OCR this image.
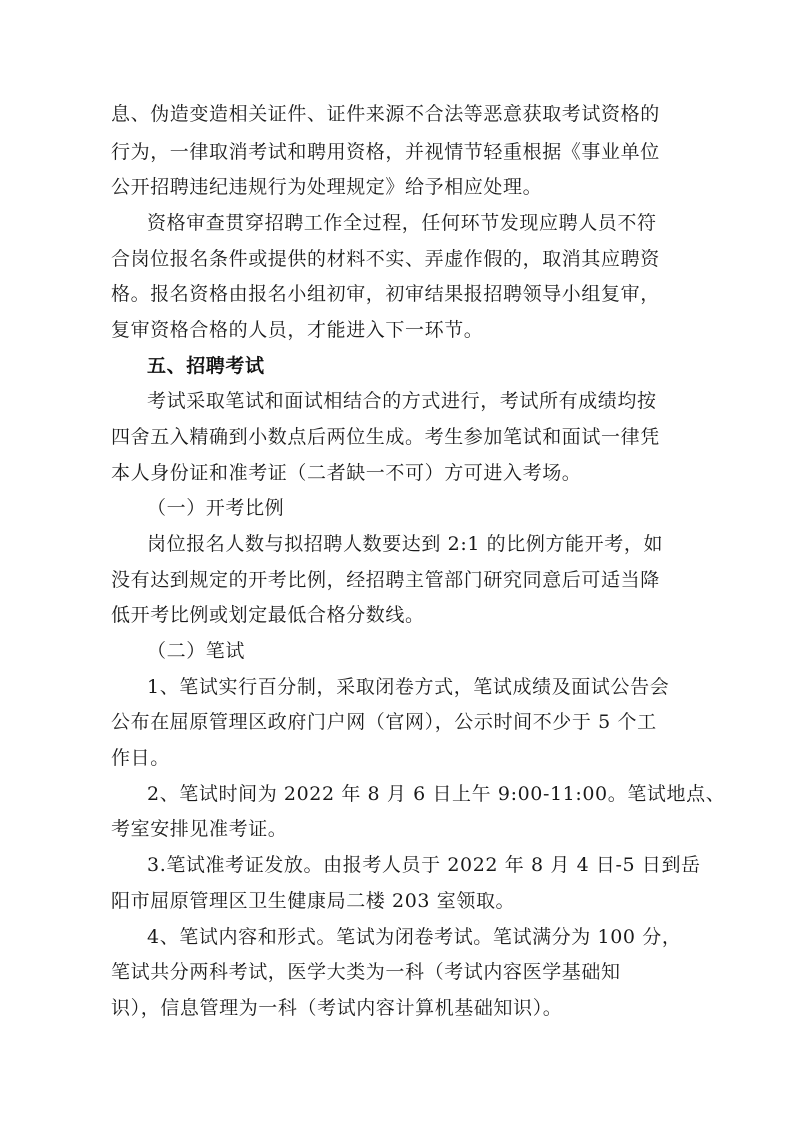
息、伪造变造相关证件、证件来源不合法等恶意获取考试资格的

行为，一律取消考试和聘用资格，并视情节轻重根据《事业单位

公开招聘违纪违规行为处理规定》给予相应处理。

资格审查贯穿招聘工作全过程，任何环节发现应聘人员不符

合岗位报名条件或提供的材料不实、弄虚作假的，取消其应聘资

格。报名资格由报名小组初审，初审结果报招聘领导小组复审，

复审资格合格的人员，才能进入下一环节。

五、招聘考试

考试采取笔试和面试相结合的方式进行，考试所有成绩均按

四舍五入精确到小数点后两位生成。考生参加笔试和面试一律凭

本人身份证和准考证（二者缺一不可）方可进入考场。

（一）开考比例

岗位报名人数与拟招聘人数要达到 2:1 的比例方能开考，如

没有达到规定的开考比例，经招聘主管部门研究同意后可适当降

低开考比例或划定最低合格分数线。

（二）笔试

1、笔试实行百分制，采取闭卷方式，笔试成绩及面试公告会

公布在屈原管理区政府门户网（官网），公示时间不少于 5 个工

作日。

2、笔试时间为 2022 年 8 月 6 日上午 9:00-11:00。笔试地点、

考室安排见准考证。

3.笔试准考证发放。由报考人员于 2022 年 8 月 4 日-5 日到岳

阳市屈原管理区卫生健康局二楼 203 室领取。

4、笔试内容和形式。笔试为闭卷考试。笔试满分为 100 分，

笔试共分两科考试，医学大类为一科（考试内容医学基础知

识），信息管理为一科（考试内容计算机基础知识）。
